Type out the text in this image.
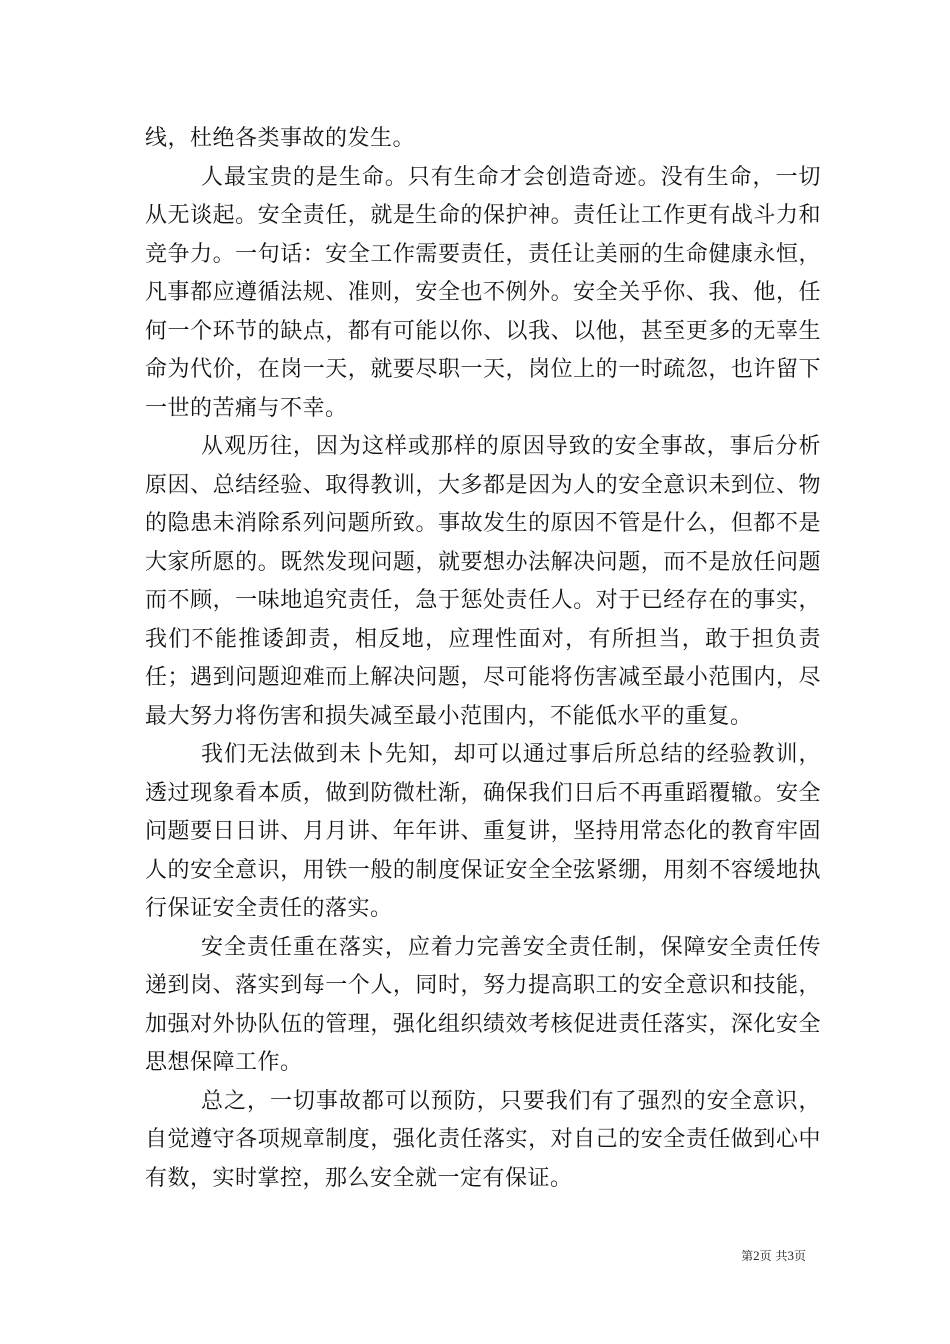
线，杜绝各类事故的发生。

人最宝贵的是生命。只有生命才会创造奇迹。没有生命，一切从无谈起。安全责任，就是生命的保护神。责任让工作更有战斗力和竞争力。一句话：安全工作需要责任，责任让美丽的生命健康永恒，凡事都应遵循法规、准则，安全也不例外。安全关乎你、我、他，任何一个环节的缺点，都有可能以你、以我、以他，甚至更多的无辜生命为代价，在岗一天，就要尽职一天，岗位上的一时疏忽，也许留下一世的苦痛与不幸。

从观历往，因为这样或那样的原因导致的安全事故，事后分析原因、总结经验、取得教训，大多都是因为人的安全意识未到位、物的隐患未消除系列问题所致。事故发生的原因不管是什么，但都不是大家所愿的。既然发现问题，就要想办法解决问题，而不是放任问题而不顾，一味地追究责任，急于惩处责任人。对于已经存在的事实，我们不能推诿卸责，相反地，应理性面对，有所担当，敢于担负责任；遇到问题迎难而上解决问题，尽可能将伤害减至最小范围内，尽最大努力将伤害和损失减至最小范围内，不能低水平的重复。

我们无法做到未卜先知，却可以通过事后所总结的经验教训，透过现象看本质，做到防微杜渐，确保我们日后不再重蹈覆辙。安全问题要日日讲、月月讲、年年讲、重复讲，坚持用常态化的教育牢固人的安全意识，用铁一般的制度保证安全全弦紧绷，用刻不容缓地执行保证安全责任的落实。

安全责任重在落实，应着力完善安全责任制，保障安全责任传递到岗、落实到每一个人，同时，努力提高职工的安全意识和技能，加强对外协队伍的管理，强化组织绩效考核促进责任落实，深化安全思想保障工作。

总之，一切事故都可以预防，只要我们有了强烈的安全意识，自觉遵守各项规章制度，强化责任落实，对自己的安全责任做到心中有数，实时掌控，那么安全就一定有保证。

第2页 共3页
